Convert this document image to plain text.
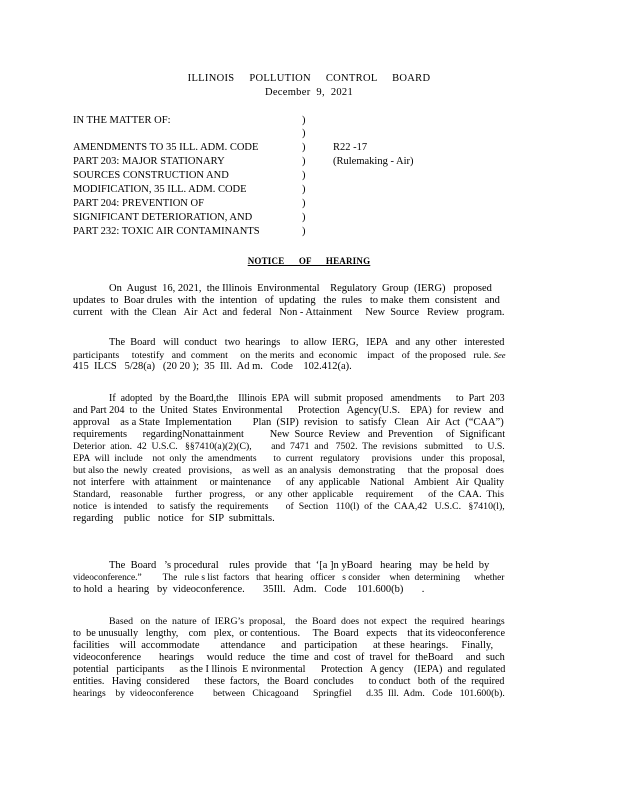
ILLINOIS POLLUTION CONTROL BOARD
December 9, 2021
IN THE MATTER OF:
AMENDMENTS TO 35 ILL. ADM. CODE
PART 203: MAJOR STATIONARY
SOURCES CONSTRUCTION AND
MODIFICATION, 35 ILL. ADM. CODE
PART 204: PREVENTION OF
SIGNIFICANT DETERIORATION, AND
PART 232: TOXIC AIR CONTAMINANTS
)
)
)
)
)
)
)
)
)
R22 -17
(Rulemaking - Air)
NOTICE OF HEARING
On  August  16, 2021,  the Illinois  Environmental    Regulatory  Group  (IERG)   proposed
updates  to  Boar drules  with  the  intention   of  updating   the  rules   to make  them  consistent   and
current   with  the  Clean   Air  Act  and  federal   Non - Attainment     New  Source   Review   program.
The  Board   will  conduct   two  hearings    to  allow  IERG,   IEPA   and  any  other   interested
participants     totestify   and  comment     on  the merits  and  economic    impact   of  the proposed   rule. See
415  ILCS   5/28(a)   (20 20 );  35  Ill.  Ad m.   Code    102.412(a).
If  adopted   by  the Board,the    Illinois  EPA  will  submit  proposed   amendments      to  Part  203
and Part 204  to  the  United  States  Environmental      Protection   Agency(U.S.    EPA)  for  review   and
approval    as a State  Implementation        Plan  (SIP)  revision   to  satisfy   Clean   Air  Act  (“CAA”)
requirements      regardingNonattainment          New  Source  Review   and  Prevention     of  Significant
Deterior  ation.  42  U.S.C.   §§7410(a)(2)(C),        and  7471  and   7502.  The  revisions   submitted     to  U.S.
EPA  will  include    not  only  the  amendments       to  current   regulatory     provisions    under   this  proposal,
but also the  newly  created   provisions,    as well  as  an analysis   demonstrating     that  the  proposal   does
not  interfere   with  attainment     or maintenance      of  any  applicable    National    Ambient   Air  Quality
Standard,    reasonable     further   progress,    or  any  other  applicable     requirement      of  the  CAA.  This
notice   is intended    to  satisfy  the  requirements       of  Section   110(l)  of  the  CAA,42   U.S.C.   §7410(l),
regarding    public   notice   for  SIP  submittals.
The  Board   ’s procedural    rules  provide   that  ‘[a ]n yBoard   hearing   may  be held  by
videoconference.”         The   rule s list  factors   that  hearing   officer   s consider    when  determining      whether
to hold  a  hearing   by  videoconference.       35Ill.   Adm.   Code    101.600(b)       .
Based   on  the  nature  of  IERG’s  proposal,    the  Board  does  not  expect   the  required   hearings
to  be unusually   lengthy,    com   plex,  or contentious.     The  Board   expects    that its videoconference
facilities    will  accommodate        attendance      and   participation      at these  hearings.     Finally,
videoconference       hearings     would  reduce   the  time  and  cost  of  travel  for  theBoard     and  such
potential   participants      as the I llinois  E nvironmental      Protection   A gency    (IEPA)  and  regulated
entities.   Having  considered      these  factors,   the  Board  concludes      to conduct   both  of  the  required
hearings    by  videoconference        between   Chicagoand      Springfiel      d.35  Ill.  Adm.   Code   101.600(b).
